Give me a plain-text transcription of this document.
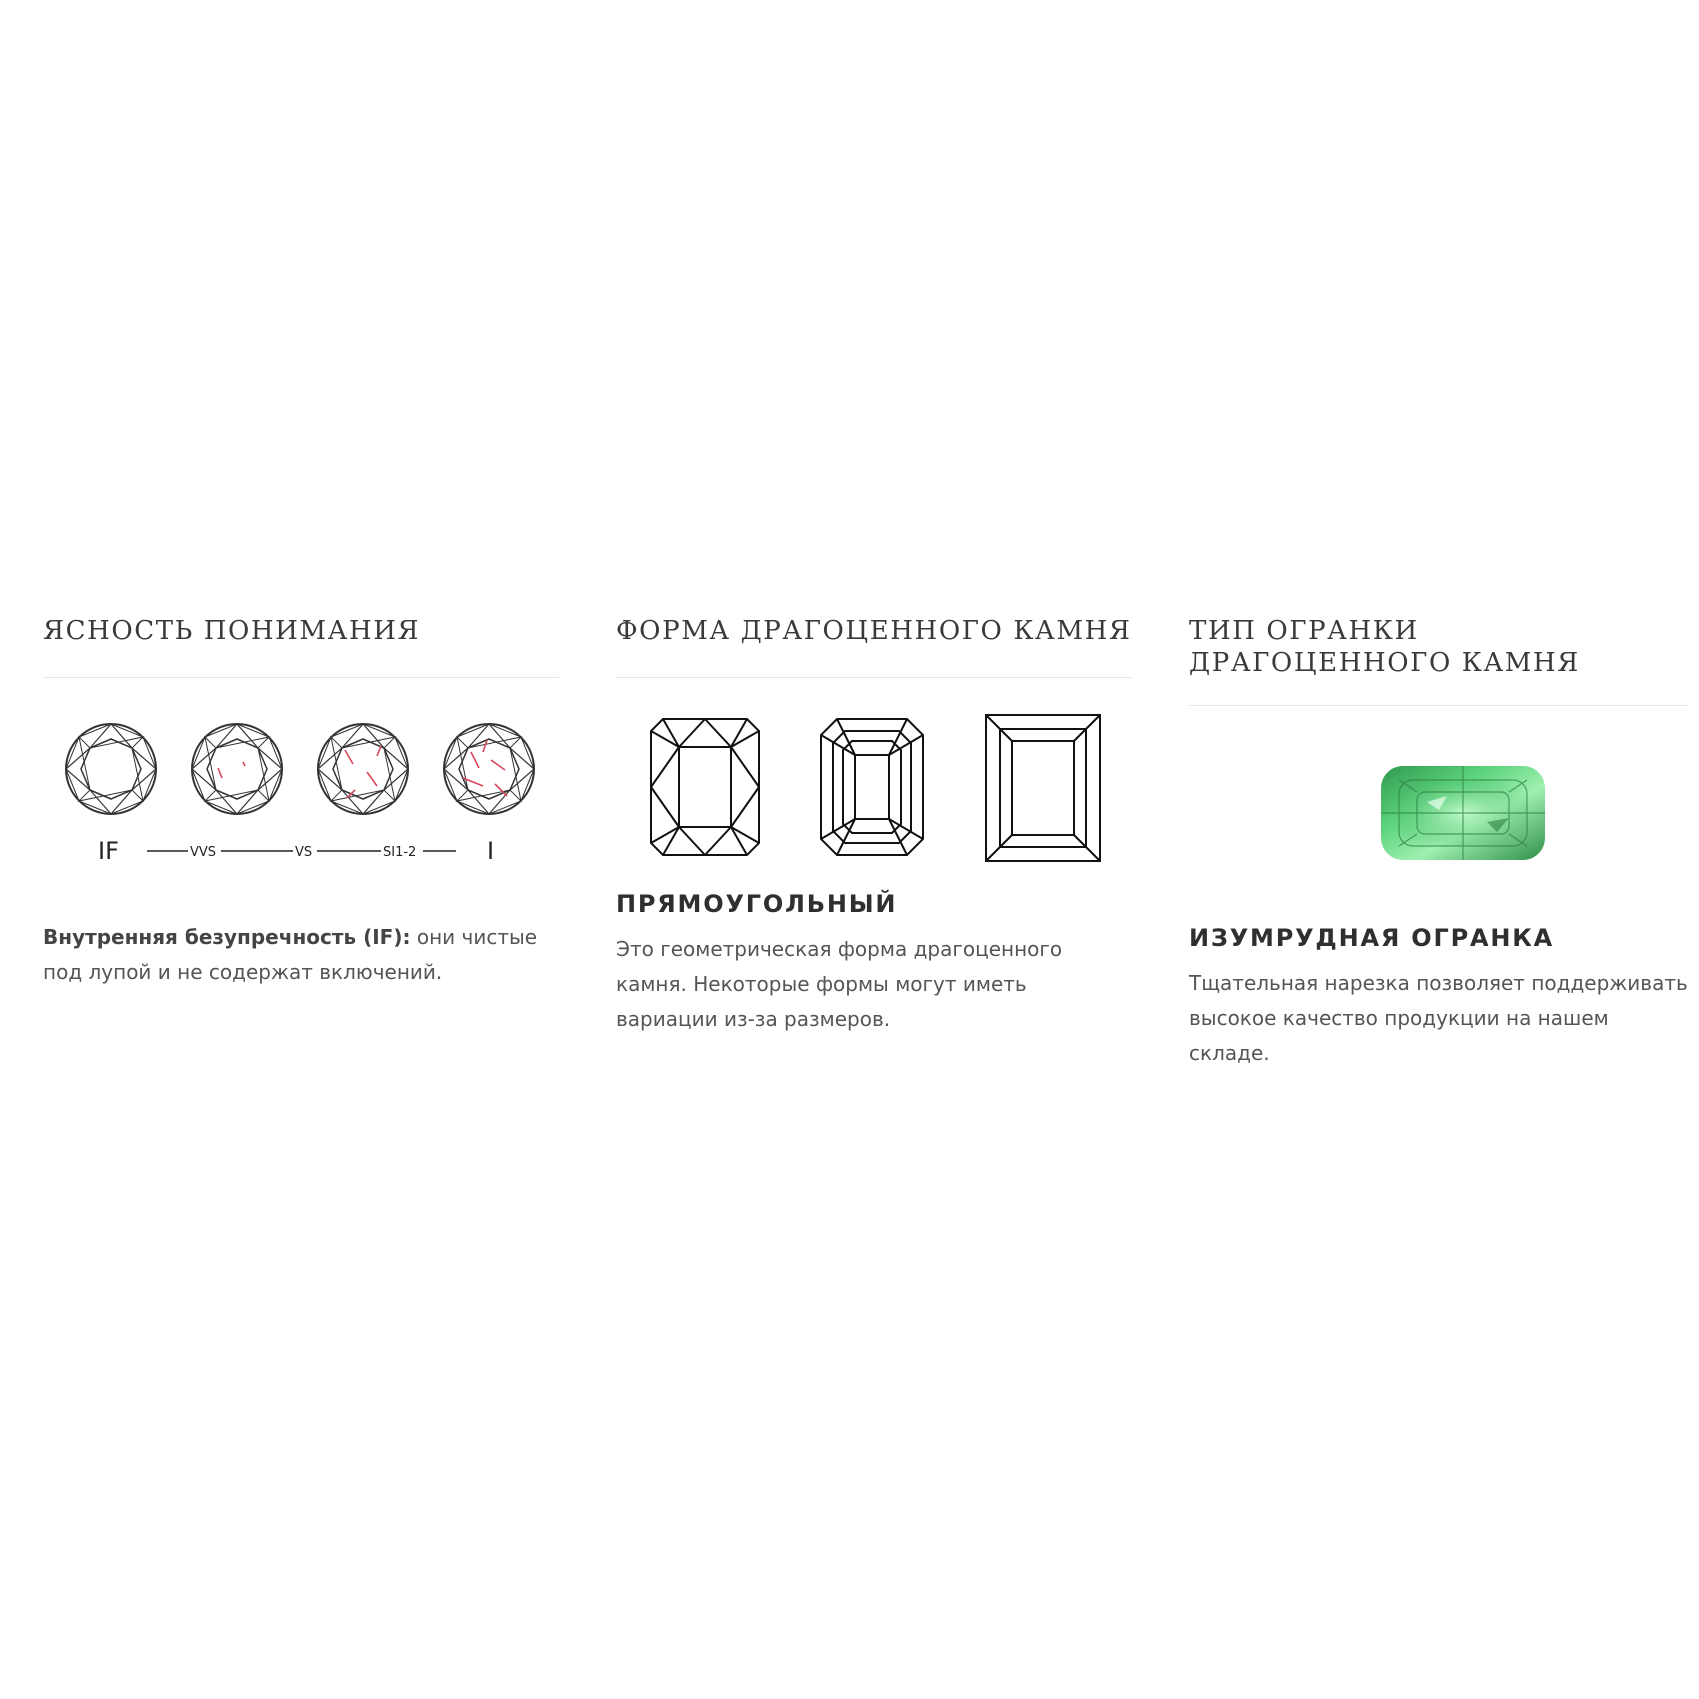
ЯСНОСТЬ ПОНИМАНИЯ
IF	VVS	VS	SI1-2	I

Внутренняя безупречность (IF): они чистые под лупой и не содержат включений.

ФОРМА ДРАГОЦЕННОГО КАМНЯ
ПРЯМОУГОЛЬНЫЙ

Это геометрическая форма драгоценного камня. Некоторые формы могут иметь вариации из-за размеров.

ТИП ОГРАНКИ ДРАГОЦЕННОГО КАМНЯ
ИЗУМРУДНАЯ ОГРАНКА

Тщательная нарезка позволяет поддерживать высокое качество продукции на нашем складе.
